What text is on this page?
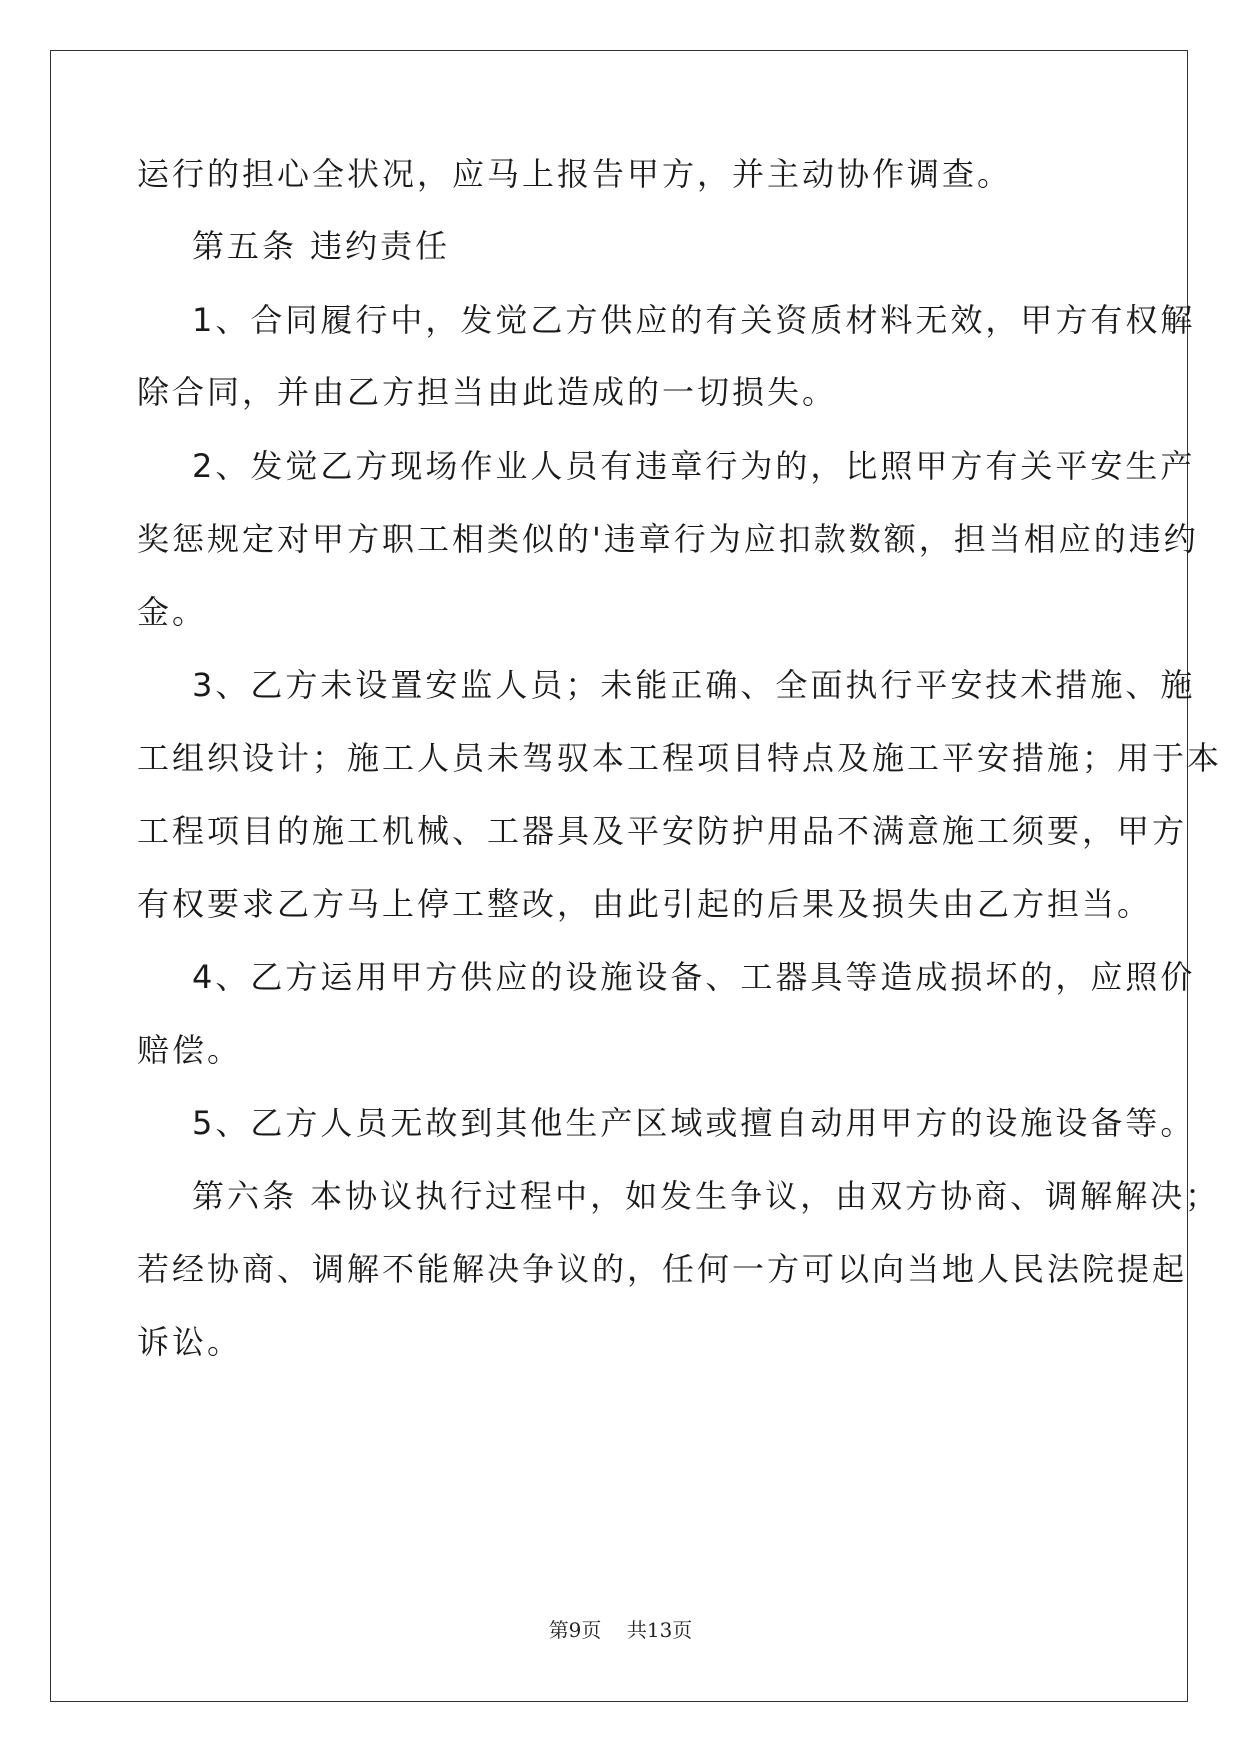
运行的担心全状况，应马上报告甲方，并主动协作调查。
第五条 违约责任
1、合同履行中，发觉乙方供应的有关资质材料无效，甲方有权解
除合同，并由乙方担当由此造成的一切损失。
2、发觉乙方现场作业人员有违章行为的，比照甲方有关平安生产
奖惩规定对甲方职工相类似的'违章行为应扣款数额，担当相应的违约
金。
3、乙方未设置安监人员；未能正确、全面执行平安技术措施、施
工组织设计；施工人员未驾驭本工程项目特点及施工平安措施；用于本
工程项目的施工机械、工器具及平安防护用品不满意施工须要，甲方
有权要求乙方马上停工整改，由此引起的后果及损失由乙方担当。
4、乙方运用甲方供应的设施设备、工器具等造成损坏的，应照价
赔偿。
5、乙方人员无故到其他生产区域或擅自动用甲方的设施设备等。
第六条 本协议执行过程中，如发生争议，由双方协商、调解解决；
若经协商、调解不能解决争议的，任何一方可以向当地人民法院提起
诉讼。
第9页    共13页
